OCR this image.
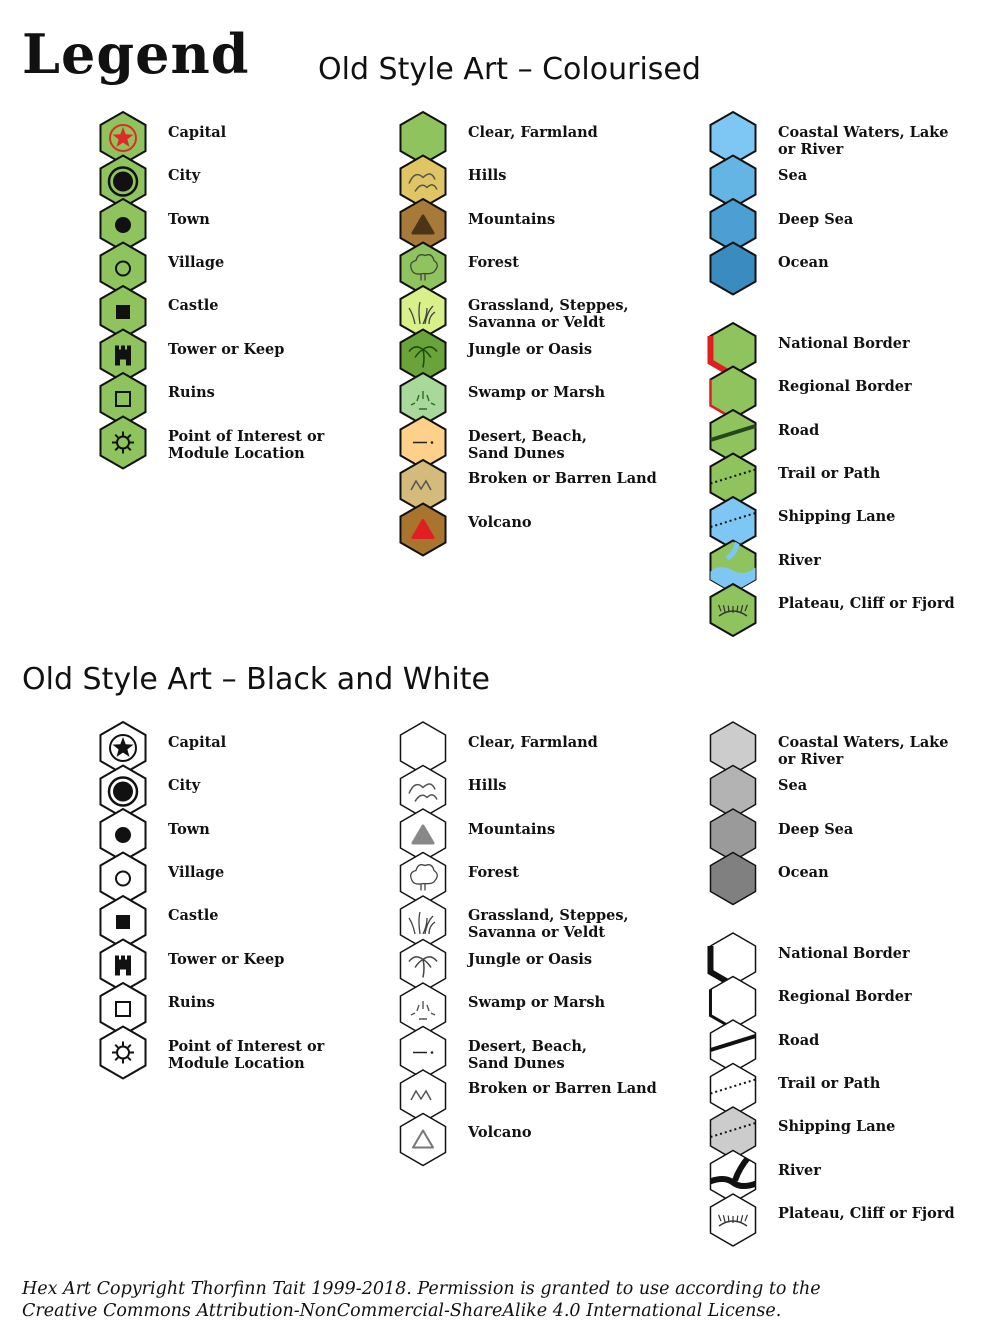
Legend Old Style Art – Colourised
Old Style Art – Black and White
Capital
City
Town
Village
Castle
Tower or Keep
Ruins
Point of Interest or Module Location
Clear, Farmland
Hills
Mountains
Forest
Grassland, Steppes, Savanna or Veldt
Jungle or Oasis
Swamp or Marsh
Desert, Beach, Sand Dunes
Broken or Barren Land
Volcano
Coastal Waters, Lake or River
Sea
Deep Sea
Ocean
National Border
Regional Border
Road
Trail or Path
Shipping Lane
River
Plateau, Cliff or Fjord
Capital
City
Town
Village
Castle
Tower or Keep
Ruins
Point of Interest or Module Location
Clear, Farmland
Hills
Mountains
Forest
Grassland, Steppes, Savanna or Veldt
Jungle or Oasis
Swamp or Marsh
Desert, Beach, Sand Dunes
Broken or Barren Land
Volcano
Coastal Waters, Lake or River
Sea
Deep Sea
Ocean
National Border
Regional Border
Road
Trail or Path
Shipping Lane
River
Plateau, Cliff or Fjord
Hex Art Copyright Thorfinn Tait 1999-2018. Permission is granted to use according to the
Creative Commons Attribution-NonCommercial-ShareAlike 4.0 International License.
